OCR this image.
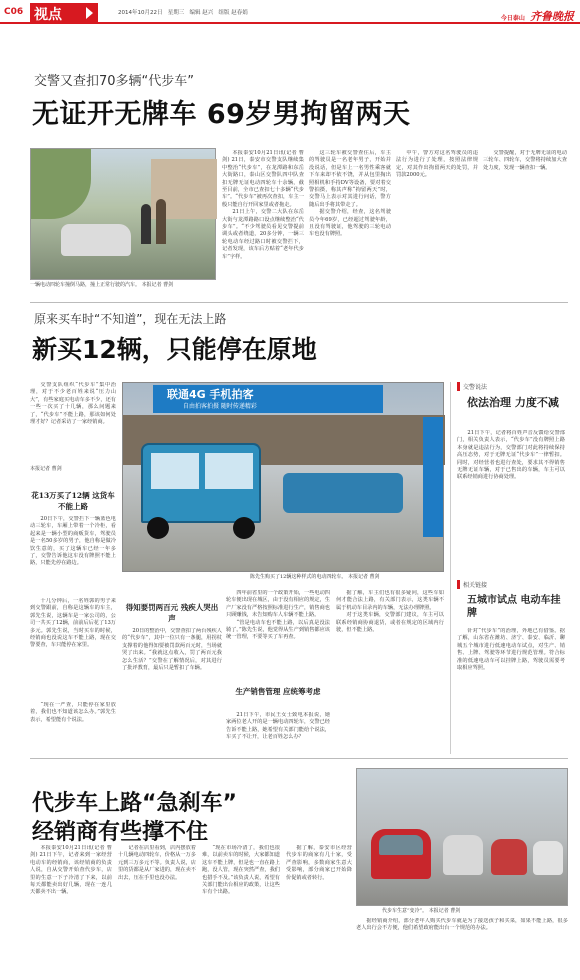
C06 视点	2014年10月22日 星期三 编辑 赵兴 组版 赵春娟
今日泰山 齐鲁晚报
交警又查扣70多辆“代步车”
无证开无牌车 69岁男拘留两天
一辆电动四轮车撞倒马路，撞上正常行驶的汽车。 本报记者 曹剑

本报泰安10月21日讯(记者 曹剑) 21日，泰安市交警支队继续集中整治“代步车”，在龙潭路和东岳大街路口，泰山区交警队四中队查扣无牌无证电动四轮车十余辆，截至目前，全市已查扣七十多辆“代步车”。“代步车”被再次查扣，车主一般只能自行开回家里或者拖走。

21日上午，交警二大队在东岳大街与龙潭路路口设点继续整治“代步车”。“不少驾驶员看见交警提前调头或者绕道，20多分钟，一辆三轮电动车经过路口时被交警拦下，记者发现，该车后方贴着“老年代步车”字样。

这三轮车被交警查住后，车主的驾驶员是一名老年男子，开始并没说话，但是车上一名男性乘客就下车来却不依不饶，并从包里掏出照相机和手持DV等设备，要对着交警拍摄，称其声称“拘留两天”时，交警马上表示对其进行问话，警方随后出手将其带走了。

据交警介绍，经查，这名驾驶员今年69岁，已经超过驾驶年龄，且没有驾驶证，他驾驶的三轮电动车也没有牌照。

中午，警方对这名驾驶员的违法行为进行了处理，按照法律规定，对其作出拘留两天的处罚，并罚款2000元。

交警提醒，对于无牌无证的电动三轮车、四轮车，交警将持续加大查处力度，发现一辆查扣一辆。

原来买车时“不知道”，现在无法上路
新买12辆，只能停在原地

交警支队组织“代步车”集中治理，对于不少老百姓来说“压力山大”，有些家庭买电动车多不少，还有一些一次买了十几辆，那么问题来了，“代步车”不能上路，那该如何处理才好？记者采访了一家经销商。

本报记者 曹剑
花13万买了12辆 这货车不能上路

20日下午，交警拦下一辆蓝色电动三轮车，车厢上带着一个冷柜，看起来是一辆小型的商贩货车，驾驶员是一名50多岁的男子，他自称是做冷饮生意的，买了这辆车已经一年多了，交警告诉他这车没有牌照不能上路，只能先停在路边。

十几分钟后，一名姓郭的男子来到交警跟前，自称是这辆车的车主，郭先生说，这辆车是一家公司的，公司一共买了12辆，前前后后花了13万多元。郭先生说，当时买车的时候，经销商也没说这车不能上路，现在交警要查，车只能停在家里。

“现在一严查，只能停在家里放着，我们也不知道该怎么办。”郭先生表示，希望能有个说法。

联通4G 手机拍客
自由拍客拍摄 随时传递精彩
陈先生购买了12辆这种样式的电动四轮车。 本报记者 曹剑
得知要罚两百元 残疾人哭出声

20日的整治中，交警查扣了两台残疾人的“代步车”，其中一位只有一条腿，用拐杖支撑着的他得知要被罚款两百元时，当场就哭了出来。“我就这点收入，罚了两百元我怎么生活？”交警在了解情况后，对其进行了批评教育，最后只是暂扣了车辆。

四年前省里的一个政策开始，一些电动四轮车便出现在城区，由于没有相应的规定，生产厂家没有严格按照标准进行生产，销售商也只顾赚钱，未告知购车人车辆不能上路。

“管是电动车也不能上路，以后真是没法骑了。”陈先生说，他觉得从生产到销售都应该统一管理，不要等买了车再查。

生产销售管理 应统筹考虑

21日下午，市民王女士致电本报说，她家两位老人开的是一辆电动四轮车，交警已经告诉不能上路，她希望有关部门能给个说法，车买了不让开，让老百姓怎么办？

据了解，车主们也有很多疑问，这些车如何才能合法上路，有关部门表示，这类车辆不属于机动车目录内的车辆，无法办理牌照。

对于这类车辆，交警部门建议，车主可以联系经销商协商退货，或者在规定的区域内行驶，但不能上路。

交警说法
依法治理 力度不减

21日下午，记者将百姓声音反馈给交警部门，相关负责人表示，“代步车”没有牌照上路本身就是违法行为，交警部门对此将持续保持高压态势，对于无牌无证“代步车”一律暂扣。同时，对经营者也进行查处，要求其不得销售无牌无证车辆，对于已售出的车辆，车主可以联系经销商进行协商处理。

相关链接
五城市试点 电动车挂牌

针对“代步车”的治理，外地已有借鉴。据了解，山东省在潍坊、济宁、泰安、临沂、聊城五个城市进行低速电动车试点，对生产、销售、上牌、驾驶等环节进行规范管理。符合标准的低速电动车可以挂牌上路，驾驶员需要考取相应驾照。

代步车上路“急刹车”
经销商有些撑不住
代步车生意“变冷”。 本报记者 曹剑

本报泰安10月21日讯(记者 曹剑) 21日下午，记者来到一家经营电动车的经销商，该经销商的负责人说，自从交警开始查代步车，店里的生意一下子冷清了下来，以前每天都能卖出好几辆，现在一连几天都卖不出一辆。

记者在店里看到，店内摆放着十几辆电动四轮车，价格从一万多元到三万多元不等。负责人说，店里的货都是从厂家进的，现在卖不出去，压在手里也没办法。

“现在市场冷清了，我们也很难，以前卖车的时候，大家都知道这车不能上牌，但是也一直在路上跑，没人管，现在突然严查，我们也措手不及。”该负责人说，希望有关部门能出台相应的政策，让这些车有个出路。

据了解，泰安市区经营代步车的商家有几十家，受严查影响，多数商家生意大受影响，部分商家已开始降价促销或者转行。

据经销商介绍，部分老年人购买代步车就是为了接送孩子和买菜，如果不能上路，很多老人出行会不方便，他们希望政府能出台一个规范的办法。
